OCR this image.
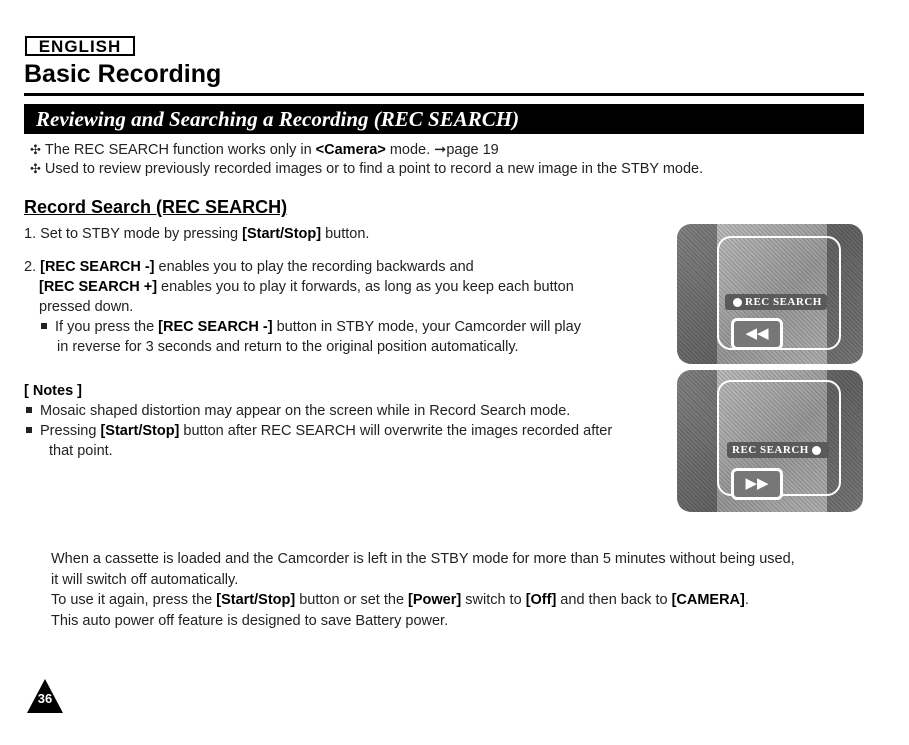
ENGLISH
Basic Recording
Reviewing and Searching a Recording (REC SEARCH)
✣ The REC SEARCH function works only in <Camera> mode. ➞page 19
✣ Used to review previously recorded images or to find a point to record a new image in the STBY mode.
Record Search (REC SEARCH)
1. Set to STBY mode by pressing [Start/Stop] button.
2. [REC SEARCH -] enables you to play the recording backwards and
[REC SEARCH +] enables you to play it forwards, as long as you keep each button
pressed down.
If you press the [REC SEARCH -] button in STBY mode, your Camcorder will play
in reverse for 3 seconds and return to the original position automatically.
[ Notes ]
Mosaic shaped distortion may appear on the screen while in Record Search mode.
Pressing [Start/Stop] button after REC SEARCH will overwrite the images recorded after
that point.
REC SEARCH
◀◀
REC SEARCH
▶▶
When a cassette is loaded and the Camcorder is left in the STBY mode for more than 5 minutes without being used,
it will switch off automatically.
To use it again, press the [Start/Stop] button or set the [Power] switch to [Off] and then back to [CAMERA].
This auto power off feature is designed to save Battery power.
36
